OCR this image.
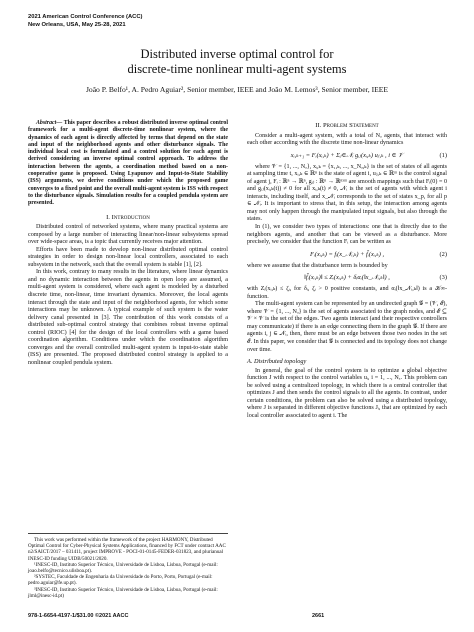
2021 American Control Conference (ACC)
New Orleans, USA, May 25-28, 2021
Distributed inverse optimal control for
discrete-time nonlinear multi-agent systems
João P. Belfo¹, A. Pedro Aguiar², Senior member, IEEE and João M. Lemos³, Senior member, IEEE

Abstract— This paper describes a robust distributed inverse optimal control framework for a multi-agent discrete-time nonlinear system, where the dynamics of each agent is directly affected by terms that depend on the state and input of the neighborhood agents and other disturbance signals. The individual local cost is formulated and a control solution for each agent is derived considering an inverse optimal control approach. To address the interaction between the agents, a coordination method based on a non-cooperative game is proposed. Using Lyapunov and Input-to-State Stability (ISS) arguments, we derive conditions under which the proposed game converges to a fixed point and the overall multi-agent system is ISS with respect to the disturbance signals. Simulation results for a coupled pendula system are presented.

I. Introduction

Distributed control of networked systems, where many practical systems are composed by a large number of interacting linear/non-linear subsystems spread over wide-space areas, is a topic that currently receives major attention.

Efforts have been made to develop non-linear distributed optimal control strategies in order to design non-linear local controllers, associated to each subsystem in the network, such that the overall system is stable [1], [2].

In this work, contrary to many results in the literature, where linear dynamics and no dynamic interaction between the agents in open loop are assumed, a multi-agent system is considered, where each agent is modeled by a disturbed discrete time, non-linear, time invariant dynamics. Moreover, the local agents interact through the state and input of the neighborhood agents, for which some interactions may be unknown. A typical example of such system is the water delivery canal presented in [3]. The contribution of this work consists of a distributed sub-optimal control strategy that combines robust inverse optimal control (RIOC) [4] for the design of the local controllers with a game based coordination algorithm. Conditions under which the coordination algorithm converges and the overall controlled multi-agent system is input-to-state stable (ISS) are presented. The proposed distributed control strategy is applied to a nonlinear coupled pendula system.

II. Problem Statement

Consider a multi-agent system, with a total of Nₐ agents, that interact with each other according with the discrete time non-linear dynamics

xᵢ,ₖ₊₁ = Fᵢ(xᵢ,ₖ) + Σⱼ∈𝒩ᵢ gᵢⱼ(xᵢ,ₖ) uⱼ,ₖ , i ∈ 𝒱	(1)

where 𝒱 = {1, ..., Nₐ}, xᵢ,ₖ = {x₁,ₖ, ..., x_Nₐ,ₖ} is the set of states of all agents at sampling time t, xᵢ,ₖ ∈ ℝⁿ is the state of agent i, uⱼ,ₖ ∈ ℝᵐ is the control signal of agent j, Fᵢ : ℝⁿ → ℝⁿ, gᵢⱼ : ℝⁿ → ℝⁿˣᵐ are smooth mappings such that Fᵢ(0) = 0 and gᵢⱼ(xᵢ,ₖ(t)) ≠ 0 for all xᵢ,ₖ(t) ≠ 0, 𝒩ᵢ is the set of agents with which agent i interacts, including itself, and x_𝒩ᵢ corresponds to the set of states x_p, for all p ∈ 𝒩ᵢ. It is important to stress that, in this setup, the interaction among agents may not only happen through the manipulated input signals, but also through the states.

In (1), we consider two types of interactions: one that is directly due to the neighbors agents, and another that can be viewed as a disturbance. More precisely, we consider that the function Fᵢ can be written as

Fᵢ(xᵢ,ₖ) = fᵢ(x_𝒩ᵢ,ₖ) + f̃ᵢ(xᵢ,ₖ) ,	(2)

where we assume that the disturbance term is bounded by

‖f̃ᵢ(xᵢ,ₖ)‖ ≤ Zᵢ(xᵢ,ₖ) + δᵢαᵢ(‖x_𝒩ᵢ,ₖ‖) ,	(3)

with Zᵢ(xᵢ,ₖ) ≤ ζᵢ, for δᵢ, ζᵢ > 0 positive constants, and αᵢ(‖x_𝒩ᵢ,ₖ‖) is a 𝒦∞-function.

The multi-agent system can be represented by an undirected graph 𝒢 = (𝒱, ℰ), where 𝒱 = {1, ..., Nₐ} is the set of agents associated to the graph nodes, and ℰ ⊆ 𝒱 × 𝒱 is the set of the edges. Two agents interact (and their respective controllers may communicate) if there is an edge connecting them in the graph 𝒢. If there are agents i, j ∈ 𝒩ᵢ, then, there must be an edge between those two nodes in the set ℰ. In this paper, we consider that 𝒢 is connected and its topology does not change over time.

A. Distributed topology

In general, the goal of the control system is to optimize a global objective function J with respect to the control variables uᵢ, i = 1, ..., Nₐ. This problem can be solved using a centralized topology, in which there is a central controller that optimizes J and then sends the control signals to all the agents. In contrast, under certain conditions, the problem can also be solved using a distributed topology, where J is separated in different objective functions Jᵢ, that are optimized by each local controller associated to agent i. The

This work was performed within the framework of the project HARMONY, Distributed Optimal Control for Cyber-Physical Systems Applications, financed by FCT under contract AAC n2/SAICT/2017 – 031411, project IMPROVE - POCI-01-0145-FEDER-031823, and plurianual INESC-ID funding UIDB/50021/2020.
¹INESC-ID, Instituto Superior Técnico, Universidade de Lisboa, Lisboa, Portugal (e-mail: joao.belfo@tecnico.ulisboa.pt).
²SYSTEC, Faculdade de Engenharia da Universidade do Porto, Porto, Portugal (e-mail: pedro.aguiar@fe.up.pt).
³INESC-ID, Instituto Superior Técnico, Universidade de Lisboa, Lisboa, Portugal (e-mail: jlml@inesc-id.pt)
978-1-6654-4197-1/$31.00 ©2021 AACC	2661
